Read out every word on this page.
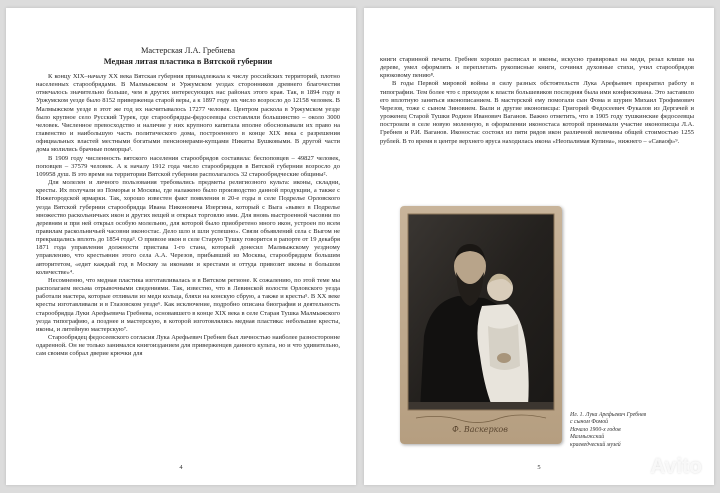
Мастерская Л.А. Гребнева

Медная литая пластика в Вятской губернии

К концу XIX–началу XX века Вятская губерния принадлежала к числу российских территорий, плотно населенных старообрядами. В Малмыжском и Уржумском уездах сторонников древнего благочестия отмечалось значительно больше, чем в других интересующих нас районах этого края. Так, в 1894 году в Уржумском уезде было 8152 приверженца старой веры, а к 1897 году их число возросло до 12158 человек. В Малмыжском уезде в этот же год их насчитывалось 17277 человек. Центром раскола в Уржумском уезде было крупное село Русский Турек, где старообрядцы-федосеевцы составляли большинство – около 3000 человек. Численное превосходство и наличие у них крупного капитала вполне обосновывали их право на главенство и наибольшую часть политического дома, построенного в конце XIX века с разрешения официальных властей местными богатыми пенсионерами-купцами Никиты Бушковыми. В другой части дома молились брачные поморцы¹.

В 1909 году численность вятского населения старообрядов составила: беспоповцев – 49827 человек, поповцев – 37579 человек. А к началу 1912 года число старообрядцев в Вятской губернии возросло до 109958 душ. В это время на территории Вятской губернии располагалось 32 старообрядческие общины².

Для молелен и личного пользования требовались предметы религиозного культа: иконы, складни, кресты. Их получали из Поморья и Москвы, где налажено было производство данной продукции, а также с Нижегородской ярмарки. Так, хорошо известен факт появления в 20-е годы в селе Подрелье Орловского уезда Вятской губернии старообрядца Ивана Никоновича Изергина, который с Выга «вывез в Подрелье множество раскольничьих икон и других вещей и открыл торговлю ими. Для вновь выстроенной часовни по деревням и при ней открыл особую молельню, для которой было приобретено много икон, устроен по всем правилам раскольничьей часовни иконостас. Дело шло и шли успешно». Связи объявлений села с Выгом не прекращались вплоть до 1854 года³. О привозе икон в селе Старую Тушку говорится в рапорте от 19 декабря 1871 года управления должности пристава 1-го стана, который донесил Малмыжскому уездному управлению, что крестьянин этого села А.А. Черезов, прибывший из Москвы, старообрядцем большим авторитетом, «едит каждый год в Москву за иконами и крестами и оттуда привозит иконы в большом количестве»⁴.

Несомненно, что медная пластика изготавливалась и в Вятском регионе. К сожалению, по этой теме мы располагаем весьма отрывочными сведениями. Так, известно, что в Левинской волости Орловского уезда работали мастера, которые отливали из меди кольца, бляхи на конскую сбрую, а также и кресты⁵. В XX веке кресты изготавливали и в Глазовском уезде⁶. Как исключение, подробно описана биография и деятельность старообрядца Луки Арефьевича Гребнева, основавшего в конце XIX века в селе Старая Тушка Малмыжского уезда типографию, а позднее и мастерскую, в которой изготовлялись медная пластика: небольшие кресты, иконы, и литейную мастерскую⁷.

Старообрядец федосеевского согласия Лука Арефьевич Гребнев был личностью наиболее разносторонне одаренной. Он не только занимался книгоизданием для приверженцев данного культа, но и что удивительно, сам своими собрал дверие крючки для

4

книги старинной печати. Гребнев хорошо расписал и иконы, искусно гравировал на меди, резал клише на дереве, умел оформлять и переплетать рукописные книги, сочинял духовные стихи, учил старообрядов крюковому пению⁸.

В годы Первой мировой войны в силу разных обстоятельств Лука Арефьевич прекратил работу в типографии. Тем более что с приходом к власти большевиков последняя была ими конфискована. Это заставило его вплотную заняться иконописанием. В мастерской ему помогали сын Фома и шурин Михаил Трофимович Черезов, тоже с сыном Зиновием. Были и другие иконописцы: Григорий Федосеевич Фукалов из Дергачей и уроженец Старой Тушки Родион Иванович Ваганов. Важно отметить, что в 1905 году тушкинские федосеевцы построили в селе новую моленную, в оформлении иконостаса которой принимали участие иконописцы Л.А. Гребнев и Р.И. Ваганов. Иконостас состоял из пяти рядов икон различной величины общей стоимостью 1255 рублей. В то время в центре верхнего яруса находилась икона «Неопалимая Купина», нижнего – «Саваоф»⁹.

Ф. Васкерков
Ил. 1. Лука Арефьевич Гребнев
с сыном Фомой
Начало 1900-х годов
Малмыжский
краеведческий музей
5	Avito
